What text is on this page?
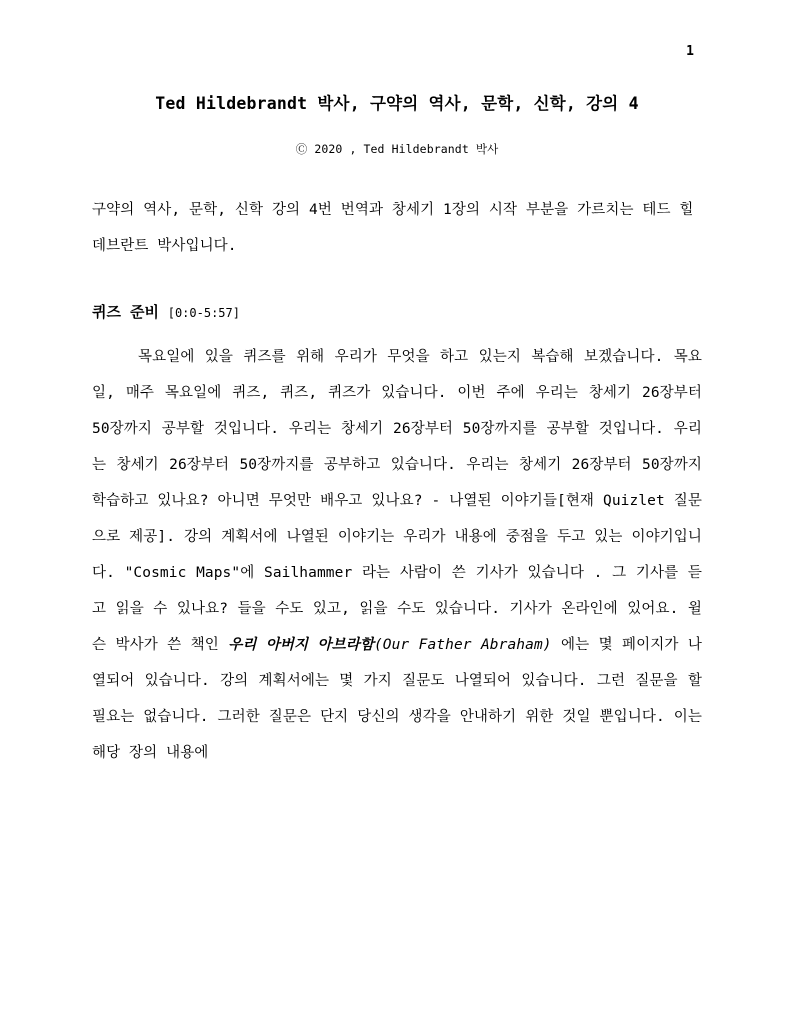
1
Ted Hildebrandt 박사, 구약의 역사, 문학, 신학, 강의 4
Ⓒ 2020 , Ted Hildebrandt 박사
구약의 역사, 문학, 신학 강의 4번 번역과 창세기 1장의 시작 부분을 가르치는 테드 힐데브란트 박사입니다.
퀴즈 준비 [0:0-5:57]
목요일에 있을 퀴즈를 위해 우리가 무엇을 하고 있는지 복습해 보겠습니다. 목요일, 매주 목요일에 퀴즈, 퀴즈, 퀴즈가 있습니다. 이번 주에 우리는 창세기 26장부터 50장까지 공부할 것입니다. 우리는 창세기 26장부터 50장까지를 공부할 것입니다. 우리는 창세기 26장부터 50장까지를 공부하고 있습니다. 우리는 창세기 26장부터 50장까지 학습하고 있나요? 아니면 무엇만 배우고 있나요? - 나열된 이야기들[현재 Quizlet 질문으로 제공]. 강의 계획서에 나열된 이야기는 우리가 내용에 중점을 두고 있는 이야기입니다. "Cosmic Maps"에 Sailhammer 라는 사람이 쓴 기사가 있습니다 . 그 기사를 듣고 읽을 수 있나요? 들을 수도 있고, 읽을 수도 있습니다. 기사가 온라인에 있어요. 윌슨 박사가 쓴 책인 우리 아버지 아브라함(Our Father Abraham) 에는 몇 페이지가 나열되어 있습니다. 강의 계획서에는 몇 가지 질문도 나열되어 있습니다. 그런 질문을 할 필요는 없습니다. 그러한 질문은 단지 당신의 생각을 안내하기 위한 것일 뿐입니다. 이는 해당 장의 내용에
